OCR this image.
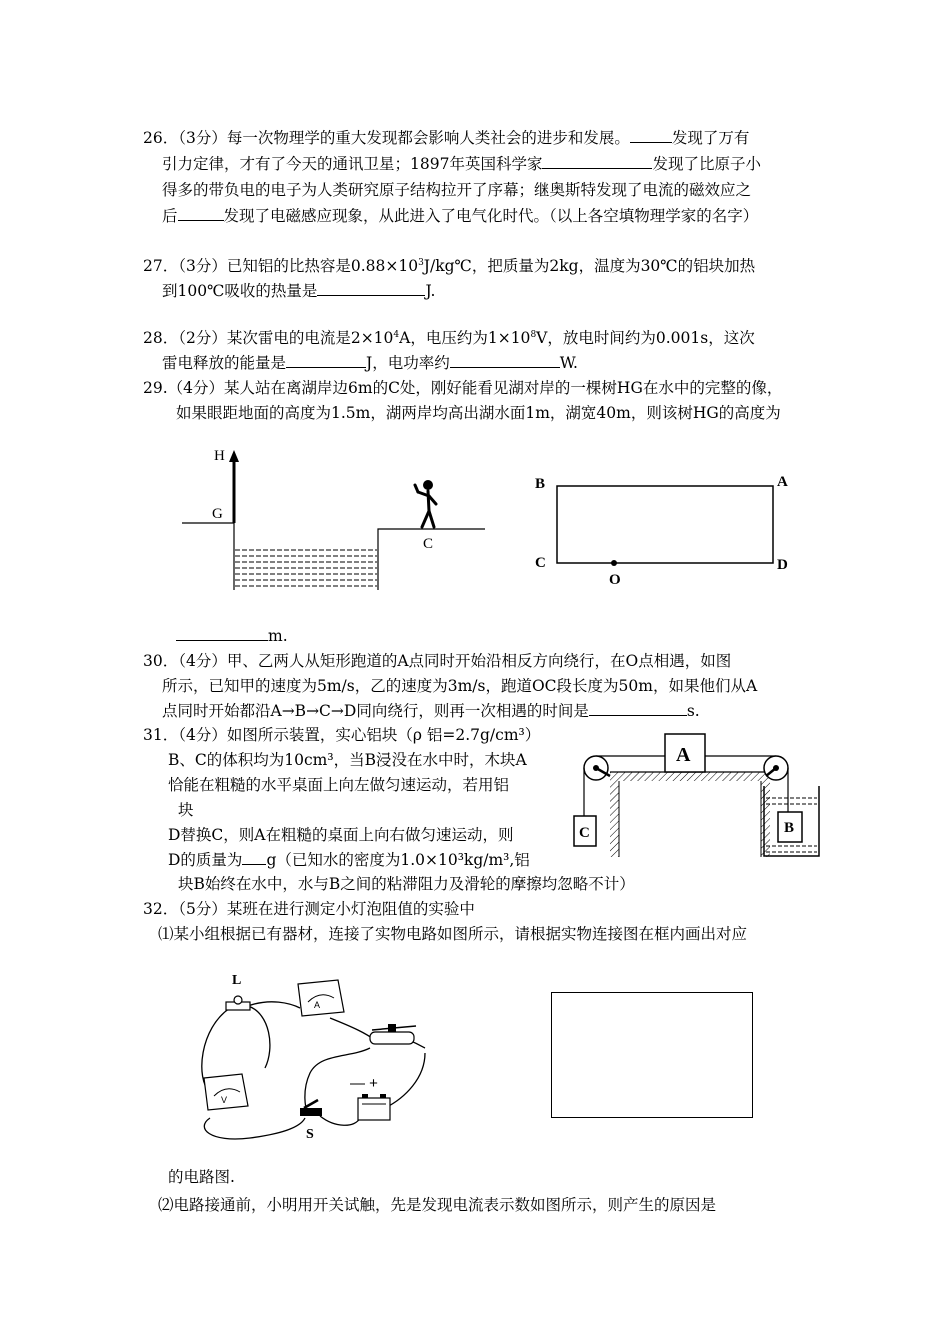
26．（3分）每一次物理学的重大发现都会影响人类社会的进步和发展。	发现了万有
引力定律，才有了今天的通讯卫星；1897年英国科学家	发现了比原子小
得多的带负电的电子为人类研究原子结构拉开了序幕；继奥斯特发现了电流的磁效应之
后	发现了电磁感应现象，从此进入了电气化时代。（以上各空填物理学家的名字）
27．（3分）已知铝的比热容是$0.88\times 10^3J/kg℃$，把质量为2kg，温度为30℃的铝块加热
到100℃吸收的热量是	J.
28．（2分）某次雷电的电流是$2\times 10^4A$，电压约为$1\times 10^8V$，放电时间约为0.001s，这次
雷电释放的能量是	J，电功率约	W.
29.（4分）某人站在离湖岸边6m的C处，刚好能看见湖对岸的一棵树HG在水中的完整的像，
如果眼距地面的高度为1.5m，湖两岸均高出湖水面1m，湖宽40m，则该树HG的高度为
H
G
C
B	A
C	D
O
m.
30．（4分）甲、乙两人从矩形跑道的A点同时开始沿相反方向绕行，在O点相遇，如图
所示，已知甲的速度为5m/s，乙的速度为3m/s，跑道OC段长度为50m，如果他们从A
点同时开始都沿A→B→C→D同向绕行，则再一次相遇的时间是	s.
31．（4分）如图所示装置，实心铝块（ρ 铝=2.7g/cm³）
B、C的体积均为10cm³，当B浸没在水中时，木块A
恰能在粗糙的水平桌面上向左做匀速运动，若用铝
块
D替换C，则A在粗糙的桌面上向右做匀速运动，则
D的质量为 g（已知水的密度为1.0×10³kg/m³,铝
块B始终在水中，水与B之间的粘滞阻力及滑轮的摩擦均忽略不计）
A
C	B
32．（5分）某班在进行测定小灯泡阻值的实验中
⑴某小组根据已有器材，连接了实物电路如图所示，请根据实物连接图在框内画出对应
L
A
V
— +
S
的电路图.
⑵电路接通前，小明用开关试触，先是发现电流表示数如图所示，则产生的原因是
